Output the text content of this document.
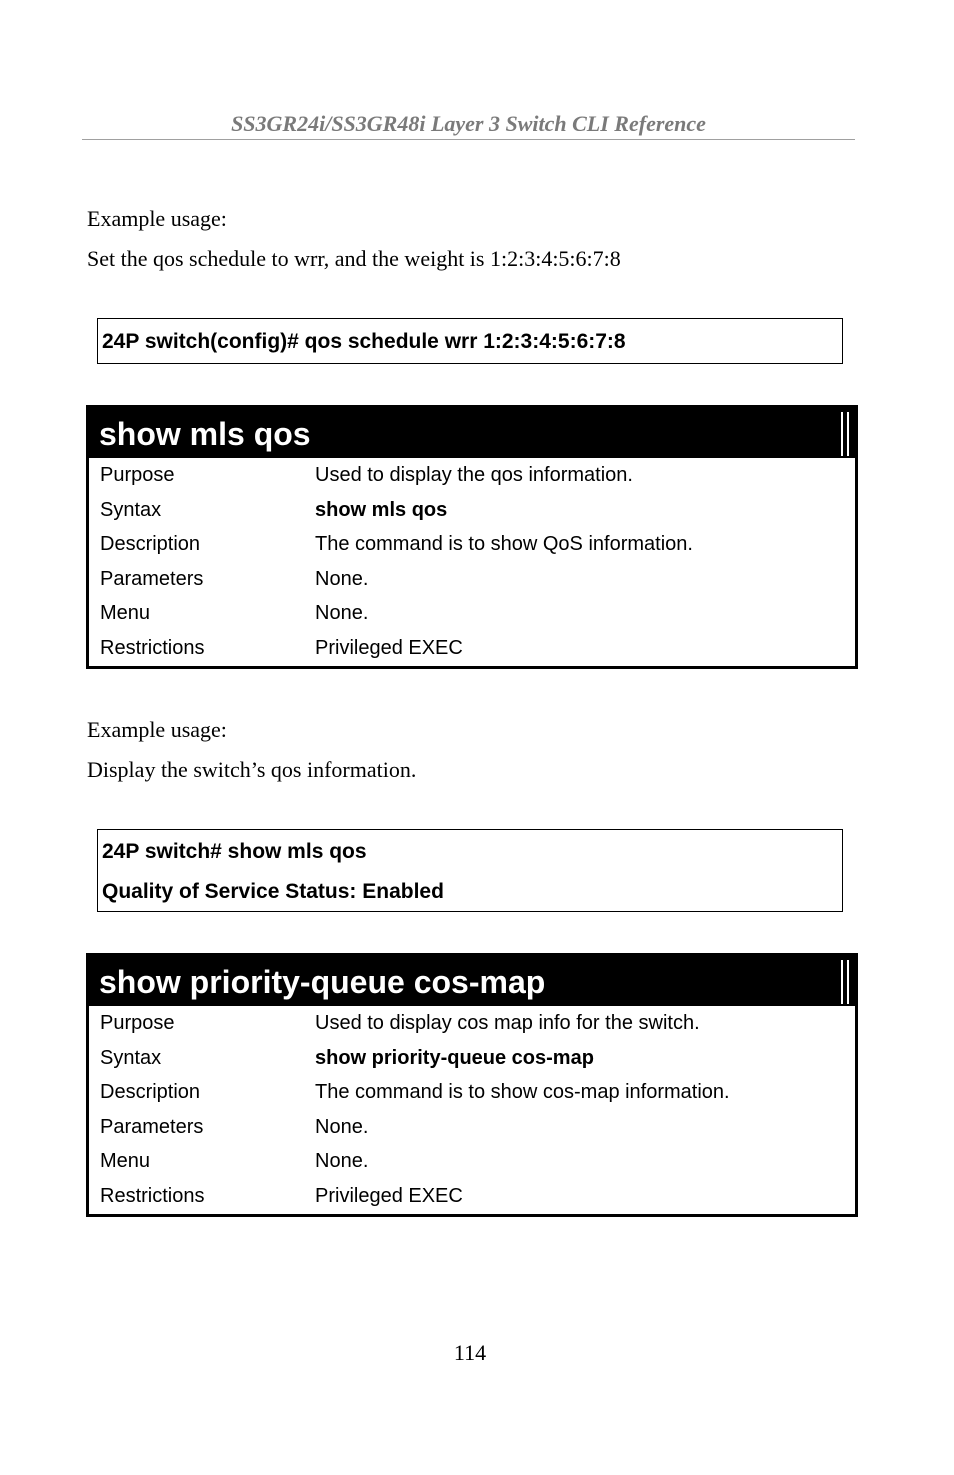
SS3GR24i/SS3GR48i Layer 3 Switch CLI Reference
Example usage:
Set the qos schedule to wrr, and the weight is 1:2:3:4:5:6:7:8
24P switch(config)# qos schedule wrr 1:2:3:4:5:6:7:8
show mls qos
Purpose	Used to display the qos information.
Syntax	show mls qos
Description	The command is to show QoS information.
Parameters	None.
Menu	None.
Restrictions	Privileged EXEC
Example usage:
Display the switch’s qos information.
24P switch# show mls qos
Quality of Service Status: Enabled
show priority-queue cos-map
Purpose	Used to display cos map info for the switch.
Syntax	show priority-queue cos-map
Description	The command is to show cos-map information.
Parameters	None.
Menu	None.
Restrictions	Privileged EXEC
114
